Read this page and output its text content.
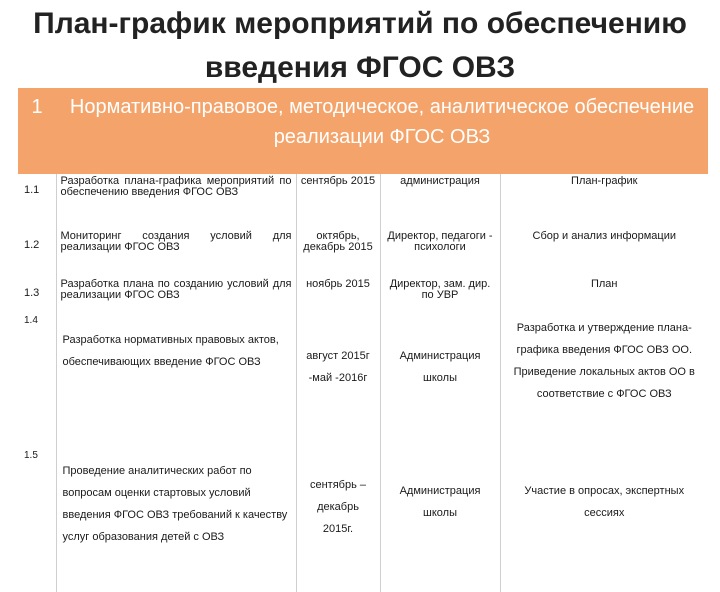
План-график мероприятий по обеспечению введения ФГОС ОВЗ
1	Нормативно-правовое, методическое, аналитическое обеспечение реализации ФГОС ОВЗ			
1.1	Разработка плана-графика мероприятий по обеспечению введения ФГОС ОВЗ	сентябрь 2015	администрация	План-график
1.2	Мониторинг создания условий для реализации ФГОС ОВЗ	октябрь, декабрь 2015	Директор, педагоги - психологи	Сбор и анализ информации
1.3	Разработка плана по созданию условий для реализации ФГОС ОВЗ	ноябрь 2015	Директор, зам. дир. по УВР	План
1.4	Разработка нормативных правовых актов, обеспечивающих введение ФГОС ОВЗ	август 2015г -май -2016г	Администрация школы	Разработка и утверждение плана-графика введения ФГОС ОВЗ ОО. Приведение локальных актов ОО в соответствие с ФГОС ОВЗ
1.5	Проведение аналитических работ по вопросам оценки стартовых условий введения ФГОС ОВЗ требований к качеству услуг образования детей с ОВЗ	сентябрь – декабрь 2015г.	Администрация школы	Участие в опросах, экспертных сессиях
